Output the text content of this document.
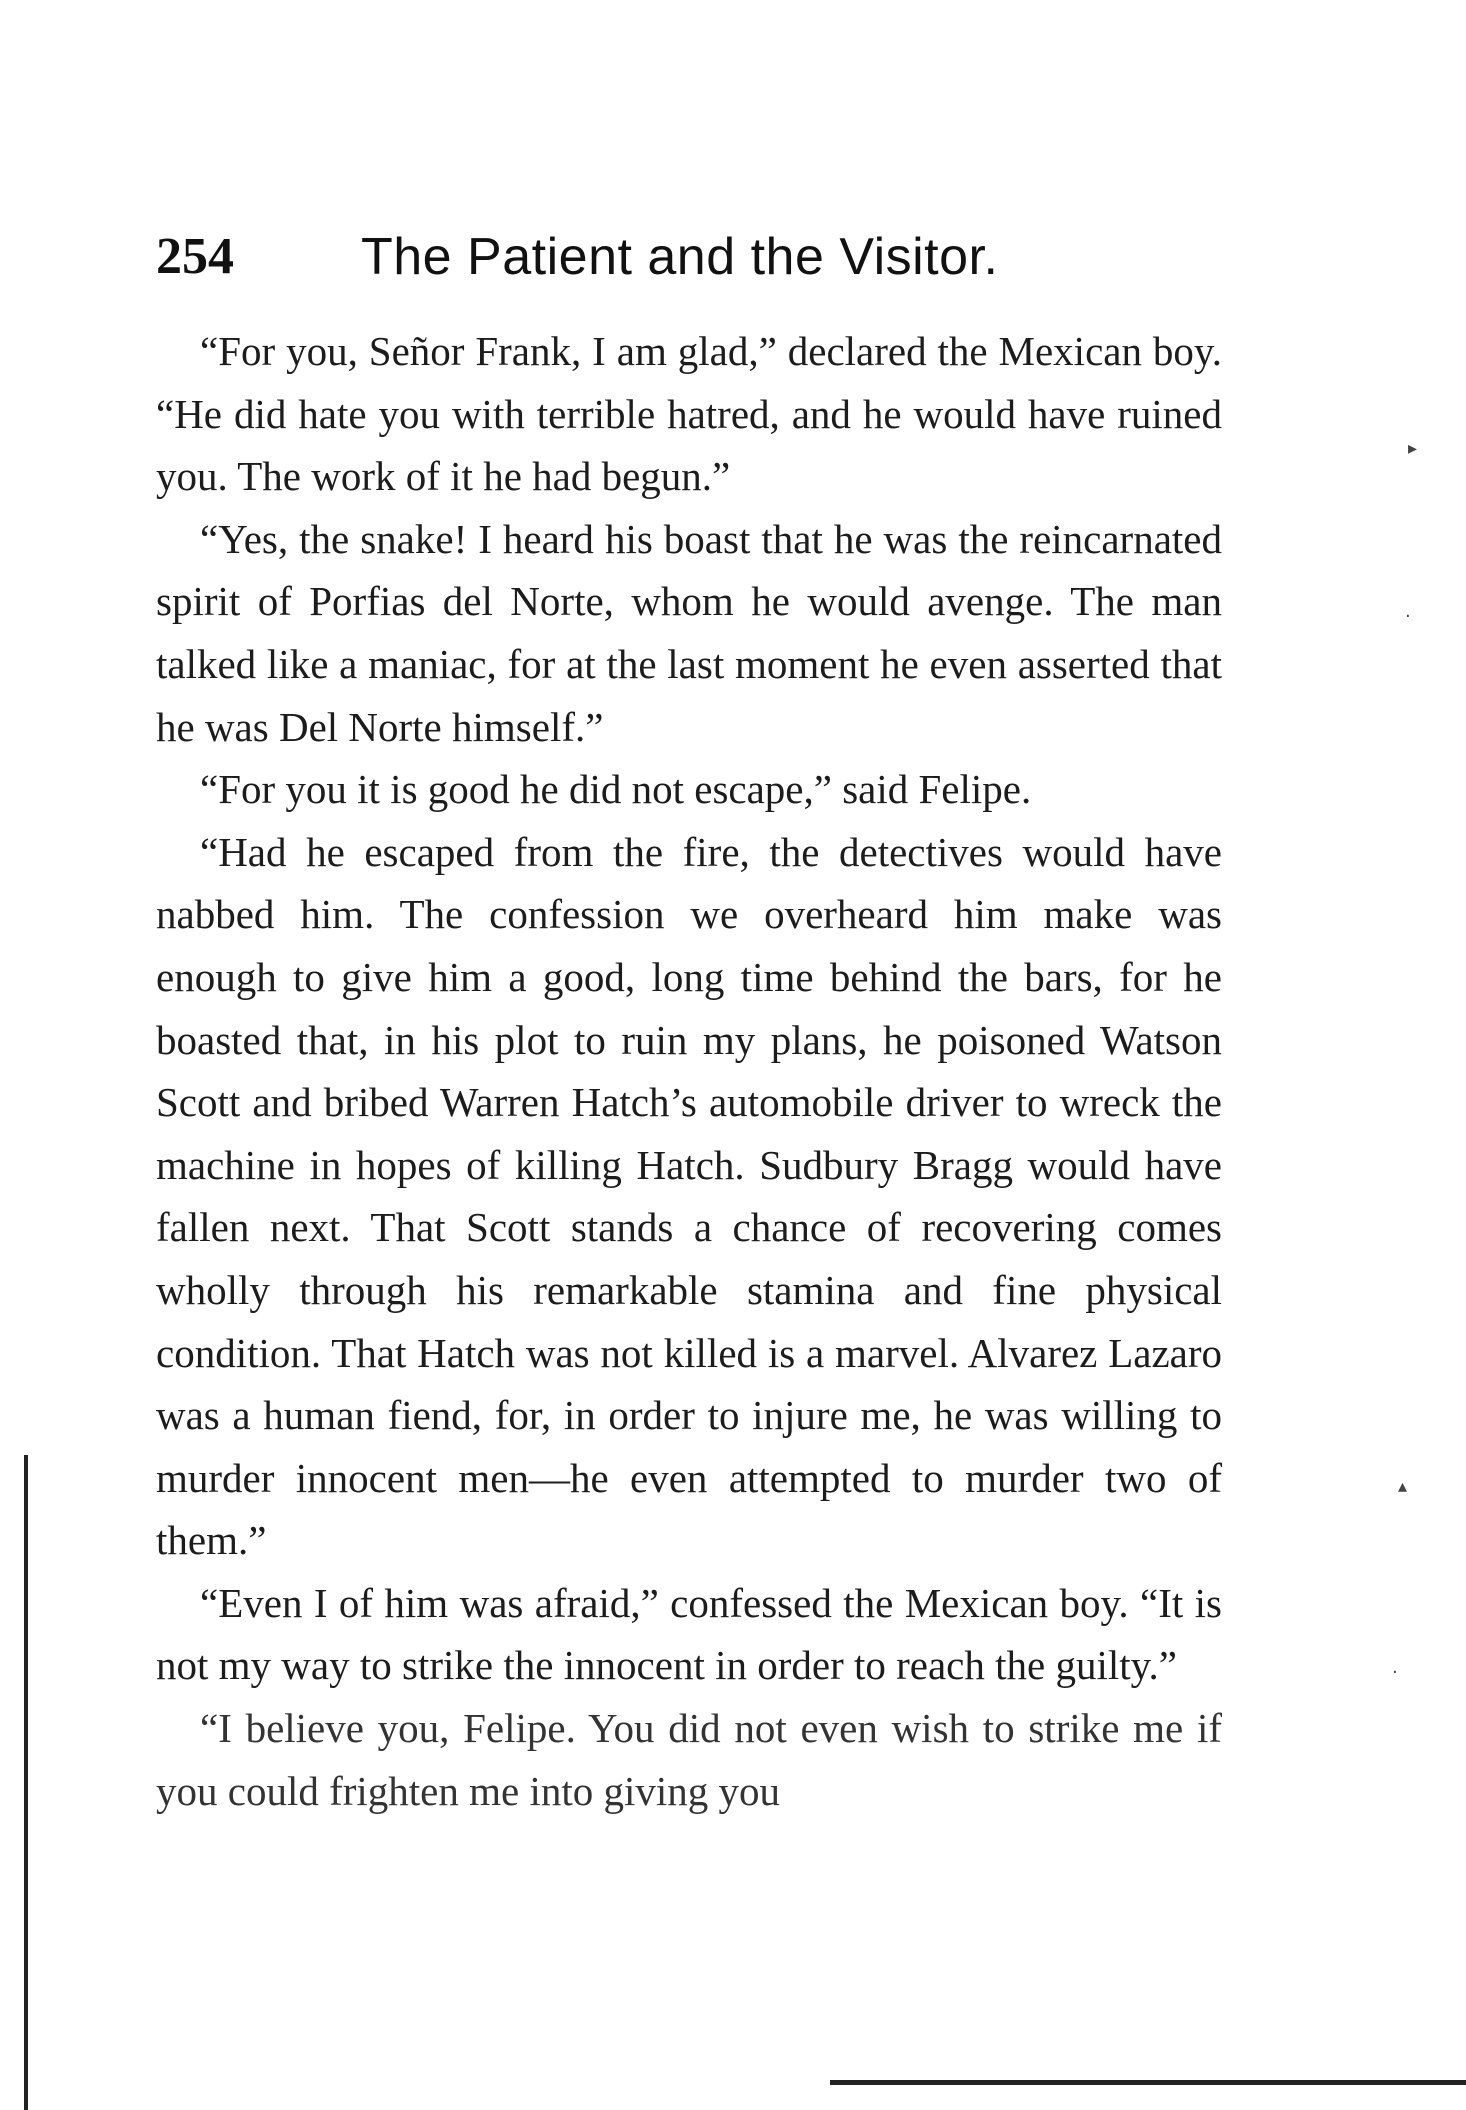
254 The Patient and the Visitor.

“For you, Señor Frank, I am glad,” declared the Mexican boy. “He did hate you with terrible hatred, and he would have ruined you. The work of it he had begun.”

“Yes, the snake! I heard his boast that he was the reincarnated spirit of Porfias del Norte, whom he would avenge. The man talked like a maniac, for at the last moment he even asserted that he was Del Norte himself.”

“For you it is good he did not escape,” said Felipe.

“Had he escaped from the fire, the detectives would have nabbed him. The confession we overheard him make was enough to give him a good, long time behind the bars, for he boasted that, in his plot to ruin my plans, he poisoned Watson Scott and bribed Warren Hatch’s automobile driver to wreck the machine in hopes of killing Hatch. Sudbury Bragg would have fallen next. That Scott stands a chance of recovering comes wholly through his remarkable stamina and fine physical condition. That Hatch was not killed is a marvel. Alvarez Lazaro was a human fiend, for, in order to injure me, he was willing to murder innocent men—he even attempted to murder two of them.”

“Even I of him was afraid,” confessed the Mexican boy. “It is not my way to strike the innocent in order to reach the guilty.”

“I believe you, Felipe. You did not even wish to strike me if you could frighten me into giving you

▸
·
▴
·
